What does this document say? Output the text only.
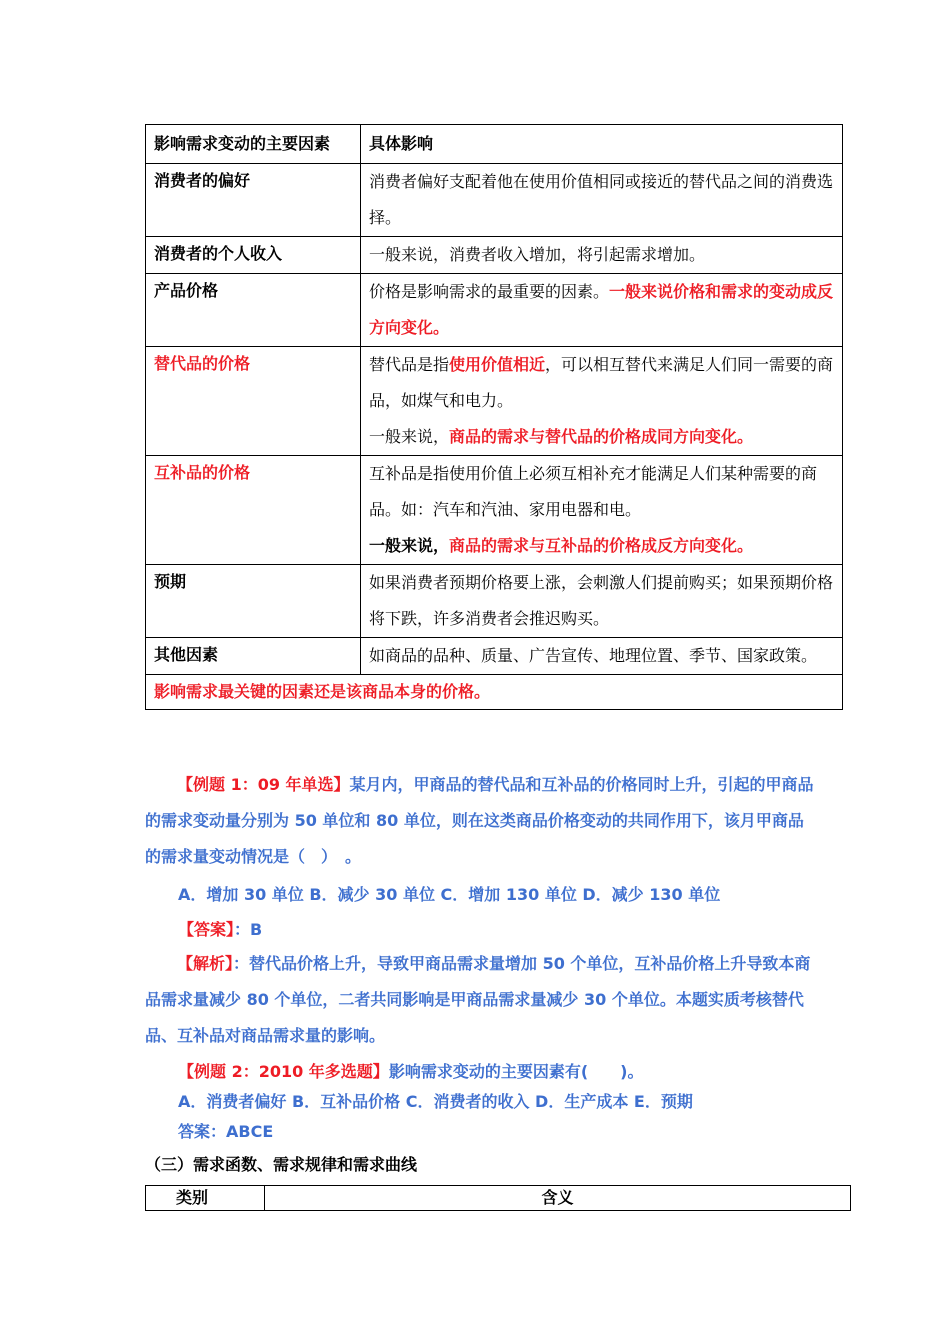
影响需求变动的主要因素	具体影响
消费者的偏好	消费者偏好支配着他在使用价值相同或接近的替代品之间的消费选择。
消费者的个人收入	一般来说，消费者收入增加，将引起需求增加。
产品价格	价格是影响需求的最重要的因素。一般来说价格和需求的变动成反方向变化。
替代品的价格	替代品是指使用价值相近，可以相互替代来满足人们同一需要的商品，如煤气和电力。
一般来说，商品的需求与替代品的价格成同方向变化。

互补品的价格	互补品是指使用价值上必须互相补充才能满足人们某种需要的商品。如：汽车和汽油、家用电器和电。
一般来说，商品的需求与互补品的价格成反方向变化。

预期	如果消费者预期价格要上涨，会刺激人们提前购买；如果预期价格将下跌，许多消费者会推迟购买。
其他因素	如商品的品种、质量、广告宣传、地理位置、季节、国家政策。
影响需求最关键的因素还是该商品本身的价格。	
【例题 1：09 年单选】某月内，甲商品的替代品和互补品的价格同时上升，引起的甲商品的需求变动量分别为 50 单位和 80 单位，则在这类商品价格变动的共同作用下，该月甲商品的需求量变动情况是（　）　。
A．增加 30 单位 B．减少 30 单位 C．增加 130 单位 D．减少 130 单位
【答案】：B
【解析】：替代品价格上升，导致甲商品需求量增加 50 个单位，互补品价格上升导致本商品需求量减少 80 个单位，二者共同影响是甲商品需求量减少 30 个单位。本题实质考核替代品、互补品对商品需求量的影响。
【例题 2：2010 年多选题】影响需求变动的主要因素有(　　)。
A．消费者偏好 B．互补品价格 C．消费者的收入 D．生产成本 E．预期
答案：ABCE
（三）需求函数、需求规律和需求曲线
类别	含义
